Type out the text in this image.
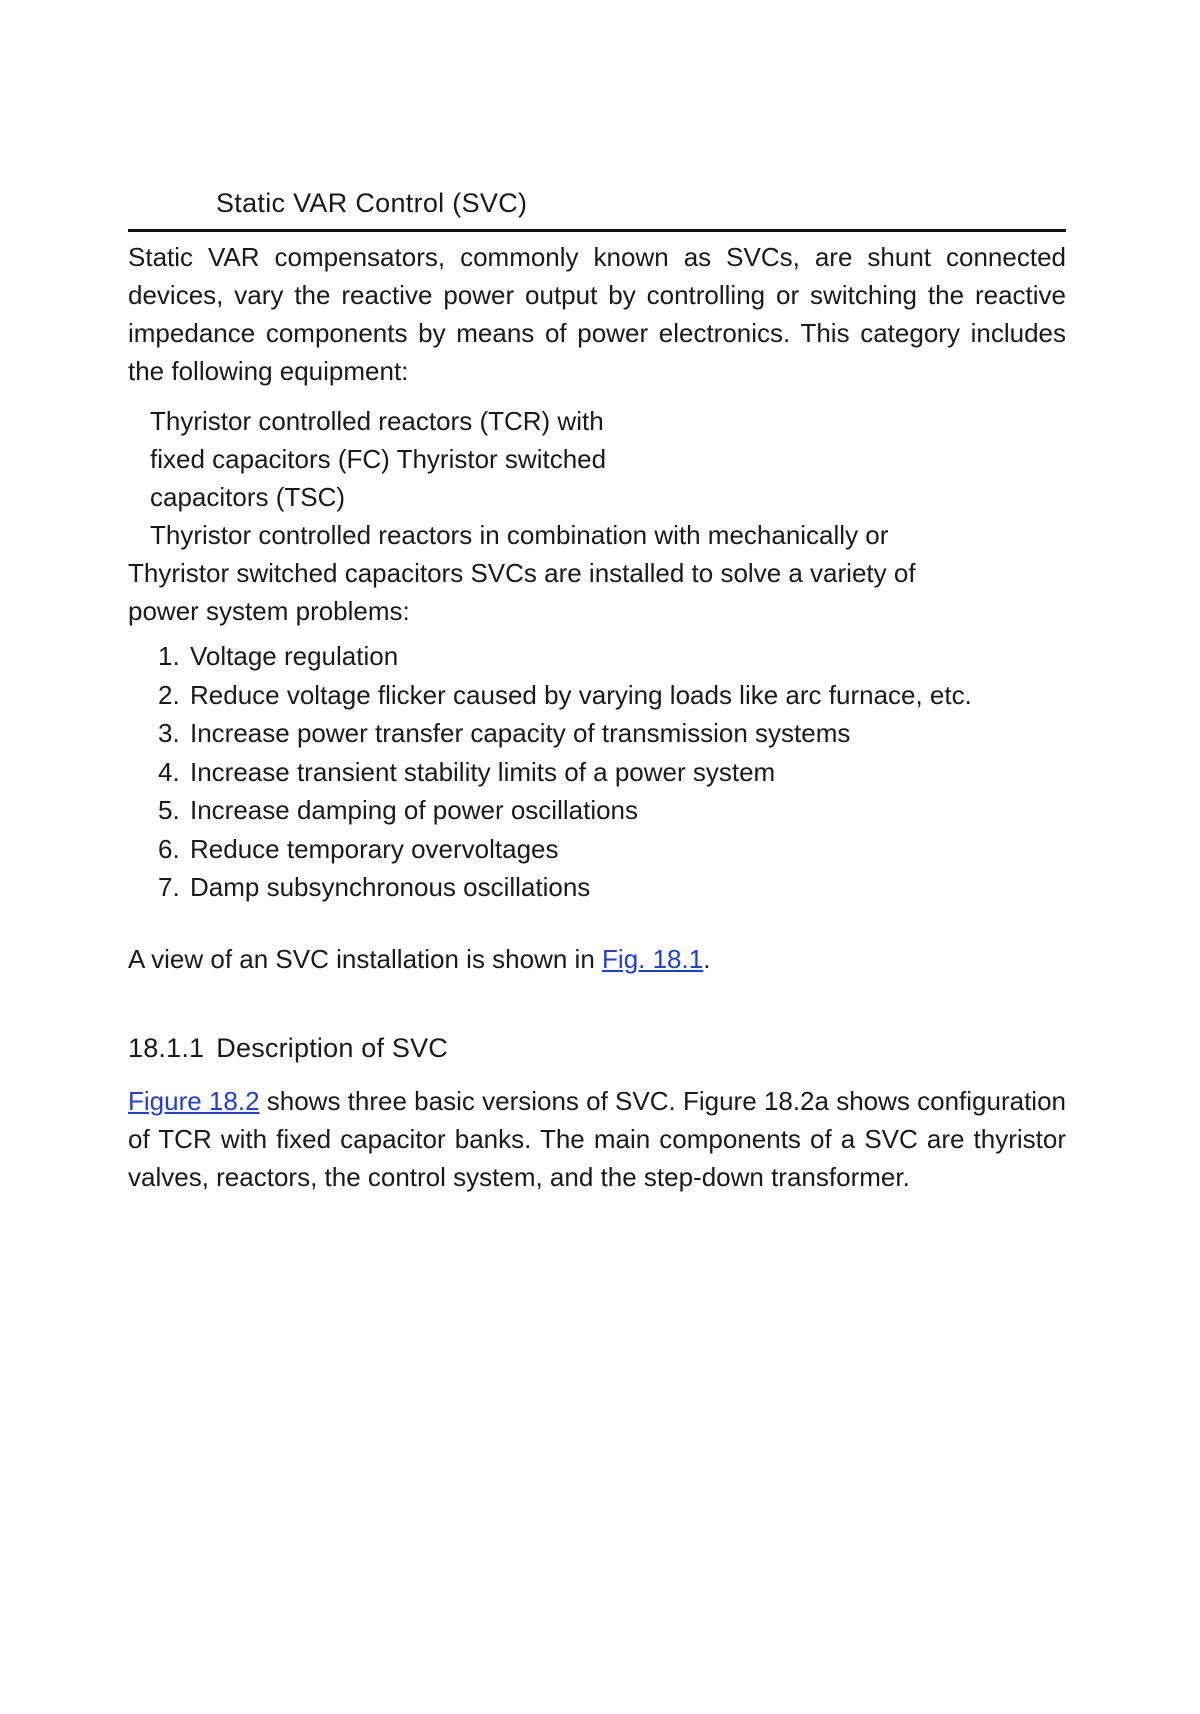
Static VAR Control (SVC)

Static VAR compensators, commonly known as SVCs, are shunt connected devices, vary the reactive power output by controlling or switching the reactive impedance components by means of power electronics. This category includes the following equipment:

Thyristor controlled reactors (TCR) with
fixed capacitors (FC) Thyristor switched
capacitors (TSC)
Thyristor controlled reactors in combination with mechanically or
Thyristor switched capacitors SVCs are installed to solve a variety of
power system problems:
1. Voltage regulation
2. Reduce voltage flicker caused by varying loads like arc furnace, etc.
3. Increase power transfer capacity of transmission systems
4. Increase transient stability limits of a power system
5. Increase damping of power oscillations
6. Reduce temporary overvoltages
7. Damp subsynchronous oscillations

A view of an SVC installation is shown in Fig. 18.1.

18.1.1 Description of SVC

Figure 18.2 shows three basic versions of SVC. Figure 18.2a shows configuration of TCR with fixed capacitor banks. The main components of a SVC are thyristor valves, reactors, the control system, and the step-down transformer.
